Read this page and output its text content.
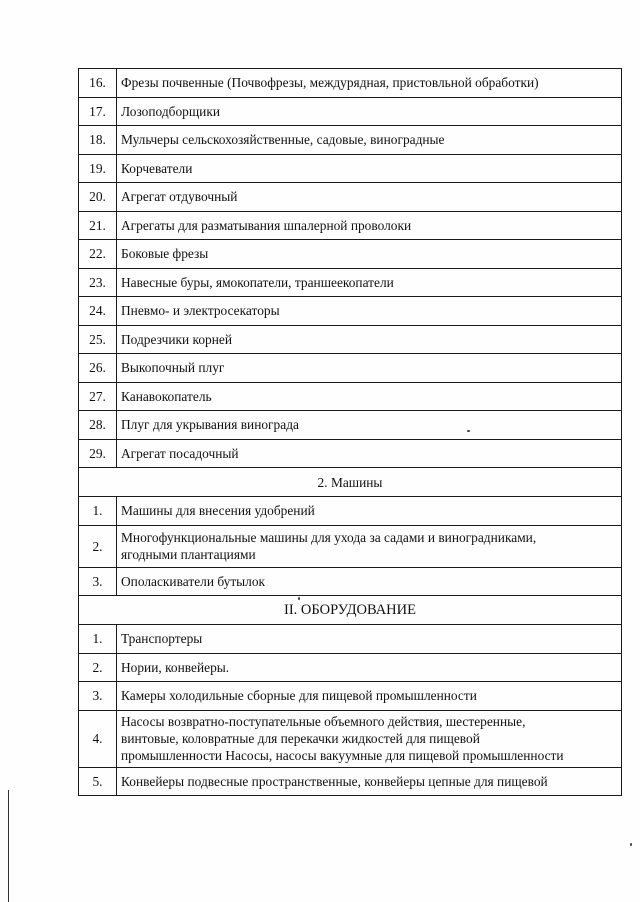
16.	Фрезы почвенные (Почвофрезы, междурядная, пристовльной обработки)
17.	Лозоподборщики
18.	Мульчеры сельскохозяйственные, садовые, виноградные
19.	Корчеватели
20.	Агрегат отдувочный
21.	Агрегаты для разматывания шпалерной проволоки
22.	Боковые фрезы
23.	Навесные буры, ямокопатели, траншеекопатели
24.	Пневмо- и электросекаторы
25.	Подрезчики корней
26.	Выкопочный плуг
27.	Канавокопатель
28.	Плуг для укрывания винограда
29.	Агрегат посадочный
2. Машины	
1.	Машины для внесения удобрений
2.	Многофункциональные машины для ухода за садами и виноградниками,
ягодными плантациями

3.	Ополаскиватели бутылок
II. ОБОРУДОВАНИЕ	
1.	Транспортеры
2.	Нории, конвейеры.
3.	Камеры холодильные сборные для пищевой промышленности
4.	Насосы возвратно-поступательные объемного действия, шестеренные,
винтовые, коловратные для перекачки жидкостей для пищевой
промышленности Насосы, насосы вакуумные для пищевой промышленности

5.	Конвейеры подвесные пространственные, конвейеры цепные для пищевой
